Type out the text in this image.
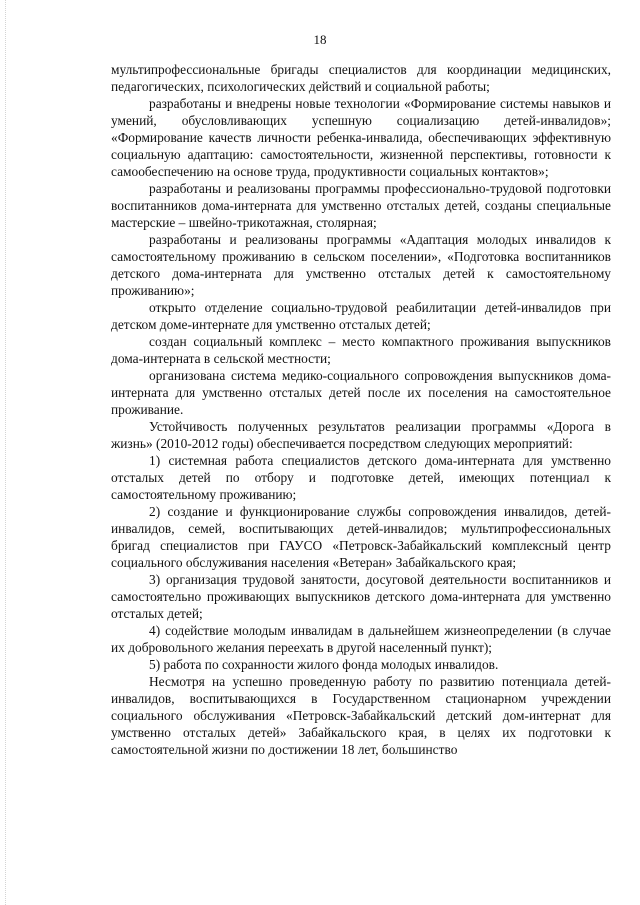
18

мультипрофессиональные бригады специалистов для координации медицинских, педагогических, психологических действий и социальной работы;

разработаны и внедрены новые технологии «Формирование системы навыков и умений, обусловливающих успешную социализацию детей-инвалидов»; «Формирование качеств личности ребенка-инвалида, обеспечивающих эффективную социальную адаптацию: самостоятельности, жизненной перспективы, готовности к самообеспечению на основе труда, продуктивности социальных контактов»;

разработаны и реализованы программы профессионально-трудовой подготовки воспитанников дома-интерната для умственно отсталых детей, созданы специальные мастерские – швейно-трикотажная, столярная;

разработаны и реализованы программы «Адаптация молодых инвалидов к самостоятельному проживанию в сельском поселении», «Подготовка воспитанников детского дома-интерната для умственно отсталых детей к самостоятельному проживанию»;

открыто отделение социально-трудовой реабилитации детей-инвалидов при детском доме-интернате для умственно отсталых детей;

создан социальный комплекс – место компактного проживания выпускников дома-интерната в сельской местности;

организована система медико-социального сопровождения выпускников дома-интерната для умственно отсталых детей после их поселения на самостоятельное проживание.

Устойчивость полученных результатов реализации программы «Дорога в жизнь» (2010-2012 годы) обеспечивается посредством следующих мероприятий:

1) системная работа специалистов детского дома-интерната для умственно отсталых детей по отбору и подготовке детей, имеющих потенциал к самостоятельному проживанию;

2) создание и функционирование службы сопровождения инвалидов, детей-инвалидов, семей, воспитывающих детей-инвалидов; мультипрофессиональных бригад специалистов при ГАУСО «Петровск-Забайкальский комплексный центр социального обслуживания населения «Ветеран» Забайкальского края;

3) организация трудовой занятости, досуговой деятельности воспитанников и самостоятельно проживающих выпускников детского дома-интерната для умственно отсталых детей;

4) содействие молодым инвалидам в дальнейшем жизнеопределении (в случае их добровольного желания переехать в другой населенный пункт);

5) работа по сохранности жилого фонда молодых инвалидов.

Несмотря на успешно проведенную работу по развитию потенциала детей-инвалидов, воспитывающихся в Государственном стационарном учреждении социального обслуживания «Петровск-Забайкальский детский дом-интернат для умственно отсталых детей» Забайкальского края, в целях их подготовки к самостоятельной жизни по достижении 18 лет, большинство
